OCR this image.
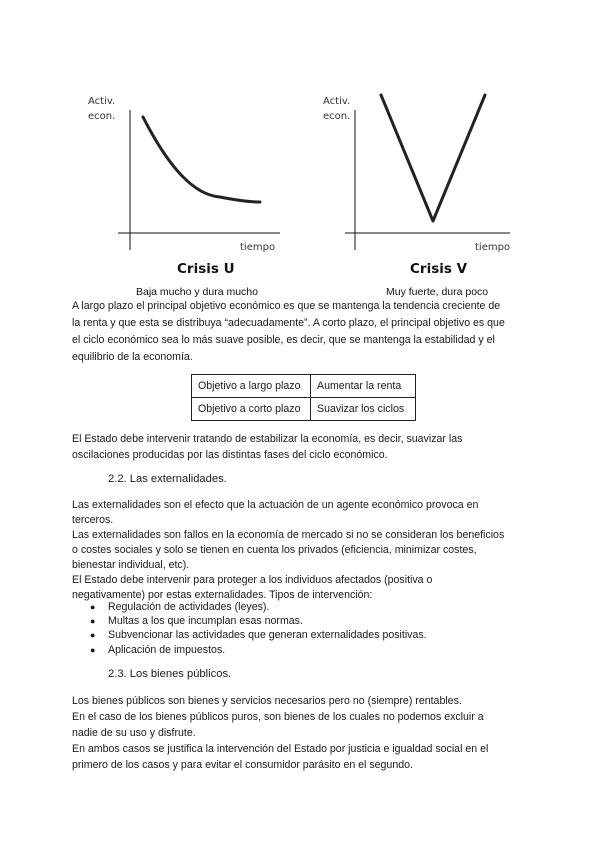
Activ.
econ.
tiempo
Crisis U
Baja mucho y dura mucho
Activ.
econ.
tiempo
Crisis V
Muy fuerte, dura poco

A largo plazo el principal objetivo económico es que se mantenga la tendencia creciente de

la renta y que esta se distribuya “adecuadamente”. A corto plazo, el principal objetivo es que

el ciclo económico sea lo más suave posible, es decir, que se mantenga la estabilidad y el

equilibrio de la economía.

Objetivo a largo plazo	Aumentar la renta
Objetivo a corto plazo	Suavizar los ciclos

El Estado debe intervenir tratando de estabilizar la economía, es decir, suavizar las

oscilaciones producidas por las distintas fases del ciclo económico.

2.2. Las externalidades.

Las externalidades son el efecto que la actuación de un agente económico provoca en

terceros.

Las externalidades son fallos en la economía de mercado si no se consideran los beneficios

o costes sociales y solo se tienen en cuenta los privados (eficiencia, minimizar costes,

bienestar individual, etc).

El Estado debe intervenir para proteger a los individuos afectados (positiva o

negativamente) por estas externalidades. Tipos de intervención:

● Regulación de actividades (leyes).
● Multas a los que incumplan esas normas.
● Subvencionar las actividades que generan externalidades positivas.
● Aplicación de impuestos.
2.3. Los bienes públicos.

Los bienes públicos son bienes y servicios necesarios pero no (siempre) rentables.

En el caso de los bienes públicos puros, son bienes de los cuales no podemos excluir a

nadie de su uso y disfrute.

En ambos casos se justifica la intervención del Estado por justicia e igualdad social en el

primero de los casos y para evitar el consumidor parásito en el segundo.
